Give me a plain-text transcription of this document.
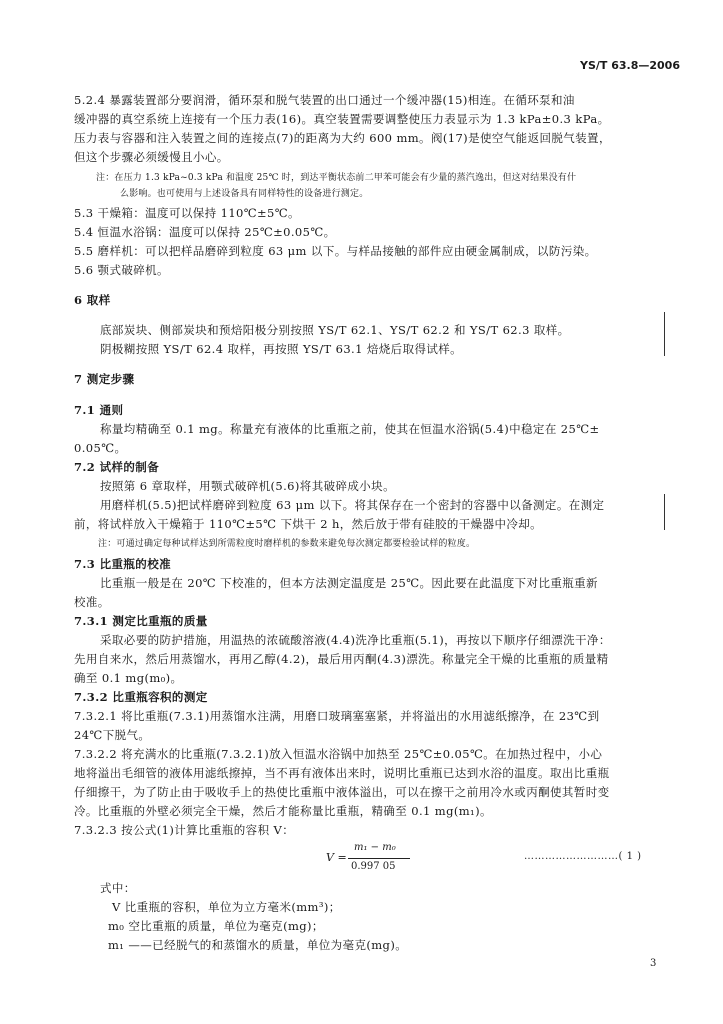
YS/T 63.8—2006
5.2.4 暴露装置部分要润滑，循环泵和脱气装置的出口通过一个缓冲器(15)相连。在循环泵和油
缓冲器的真空系统上连接有一个压力表(16)。真空装置需要调整使压力表显示为 1.3 kPa±0.3 kPa。
压力表与容器和注入装置之间的连接点(7)的距离为大约 600 mm。阀(17)是使空气能返回脱气装置，
但这个步骤必须缓慢且小心。
注：在压力 1.3 kPa~0.3 kPa 和温度 25℃ 时，到达平衡状态前二甲苯可能会有少量的蒸汽逸出，但这对结果没有什
么影响。也可使用与上述设备具有同样特性的设备进行测定。
5.3 干燥箱：温度可以保持 110℃±5℃。
5.4 恒温水浴锅：温度可以保持 25℃±0.05℃。
5.5 磨样机：可以把样品磨碎到粒度 63 μm 以下。与样品接触的部件应由硬金属制成，以防污染。
5.6 颚式破碎机。
6 取样
底部炭块、侧部炭块和预焙阳极分别按照 YS/T 62.1、YS/T 62.2 和 YS/T 62.3 取样。
阴极糊按照 YS/T 62.4 取样，再按照 YS/T 63.1 焙烧后取得试样。
7 测定步骤
7.1 通则
称量均精确至 0.1 mg。称量充有液体的比重瓶之前，使其在恒温水浴锅(5.4)中稳定在 25℃±
0.05℃。
7.2 试样的制备
按照第 6 章取样，用颚式破碎机(5.6)将其破碎成小块。
用磨样机(5.5)把试样磨碎到粒度 63 μm 以下。将其保存在一个密封的容器中以备测定。在测定
前，将试样放入干燥箱于 110℃±5℃ 下烘干 2 h，然后放于带有硅胶的干燥器中冷却。
注：可通过确定每种试样达到所需粒度时磨样机的参数来避免每次测定都要检验试样的粒度。
7.3 比重瓶的校准
比重瓶一般是在 20℃ 下校准的，但本方法测定温度是 25℃。因此要在此温度下对比重瓶重新
校准。
7.3.1 测定比重瓶的质量
采取必要的防护措施，用温热的浓硫酸溶液(4.4)洗净比重瓶(5.1)，再按以下顺序仔细漂洗干净：
先用自来水，然后用蒸馏水，再用乙醇(4.2)，最后用丙酮(4.3)漂洗。称量完全干燥的比重瓶的质量精
确至 0.1 mg(m₀)。
7.3.2 比重瓶容积的测定
7.3.2.1 将比重瓶(7.3.1)用蒸馏水注满，用磨口玻璃塞塞紧，并将溢出的水用滤纸擦净，在 23℃到
24℃下脱气。
7.3.2.2 将充满水的比重瓶(7.3.2.1)放入恒温水浴锅中加热至 25℃±0.05℃。在加热过程中，小心
地将溢出毛细管的液体用滤纸擦掉，当不再有液体出来时，说明比重瓶已达到水浴的温度。取出比重瓶
仔细擦干，为了防止由于吸收手上的热使比重瓶中液体溢出，可以在擦干之前用冷水或丙酮使其暂时变
冷。比重瓶的外壁必须完全干燥，然后才能称量比重瓶，精确至 0.1 mg(m₁)。
7.3.2.3 按公式(1)计算比重瓶的容积 V：
V =
m₁ − m₀
0.997 05
………………………( 1 )
式中：
V 比重瓶的容积，单位为立方毫米(mm³)；
m₀ 空比重瓶的质量，单位为毫克(mg)；
m₁ ——已经脱气的和蒸馏水的质量，单位为毫克(mg)。
3
